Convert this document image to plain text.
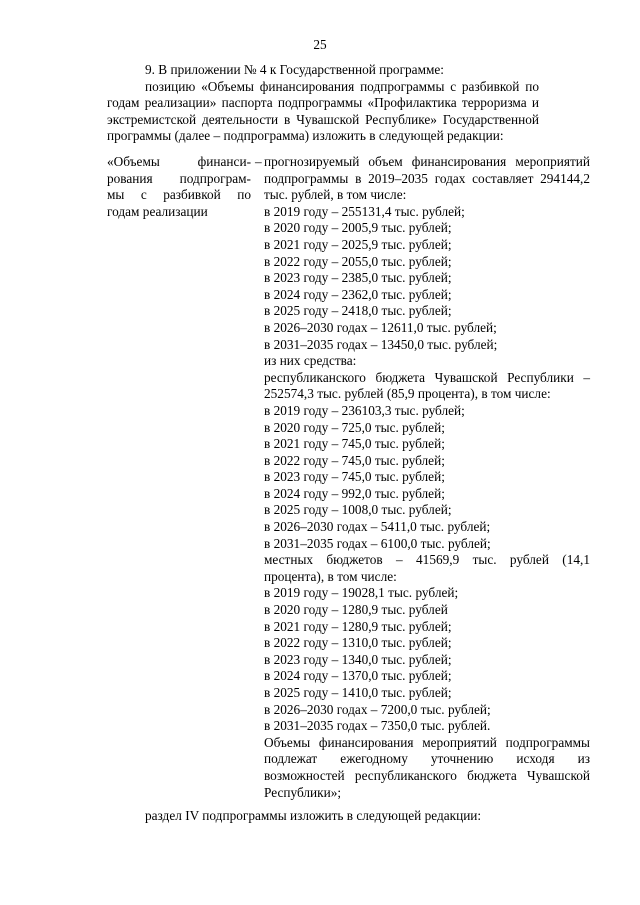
25
9. В приложении № 4 к Государственной программе:
позицию «Объемы финансирования подпрограммы с разбивкой по годам реализации» паспорта подпрограммы «Профилактика терроризма и экстремистской деятельности в Чувашской Республике» Государственной программы (далее – подпрограмма) изложить в следующей редакции:
«Объемы финанси-
рования подпрограм-
мы с разбивкой по
годам реализации
– прогнозируемый объем финансирования мероприятий подпрограммы в 2019–2035 годах составляет 294144,2 тыс. рублей, в том числе:
в 2019 году – 255131,4 тыс. рублей;
в 2020 году – 2005,9 тыс. рублей;
в 2021 году – 2025,9 тыс. рублей;
в 2022 году – 2055,0 тыс. рублей;
в 2023 году – 2385,0 тыс. рублей;
в 2024 году – 2362,0 тыс. рублей;
в 2025 году – 2418,0 тыс. рублей;
в 2026–2030 годах – 12611,0 тыс. рублей;
в 2031–2035 годах – 13450,0 тыс. рублей;
из них средства:
республиканского бюджета Чувашской Республики – 252574,3 тыс. рублей (85,9 процента), в том числе:
в 2019 году – 236103,3 тыс. рублей;
в 2020 году – 725,0 тыс. рублей;
в 2021 году – 745,0 тыс. рублей;
в 2022 году – 745,0 тыс. рублей;
в 2023 году – 745,0 тыс. рублей;
в 2024 году – 992,0 тыс. рублей;
в 2025 году – 1008,0 тыс. рублей;
в 2026–2030 годах – 5411,0 тыс. рублей;
в 2031–2035 годах – 6100,0 тыс. рублей;
местных бюджетов – 41569,9 тыс. рублей (14,1 процента), в том числе:
в 2019 году – 19028,1 тыс. рублей;
в 2020 году – 1280,9 тыс. рублей
в 2021 году – 1280,9 тыс. рублей;
в 2022 году – 1310,0 тыс. рублей;
в 2023 году – 1340,0 тыс. рублей;
в 2024 году – 1370,0 тыс. рублей;
в 2025 году – 1410,0 тыс. рублей;
в 2026–2030 годах – 7200,0 тыс. рублей;
в 2031–2035 годах – 7350,0 тыс. рублей.
Объемы финансирования мероприятий подпрограммы подлежат ежегодному уточнению исходя из возможностей республиканского бюджета Чувашской Республики»;
раздел IV подпрограммы изложить в следующей редакции:
